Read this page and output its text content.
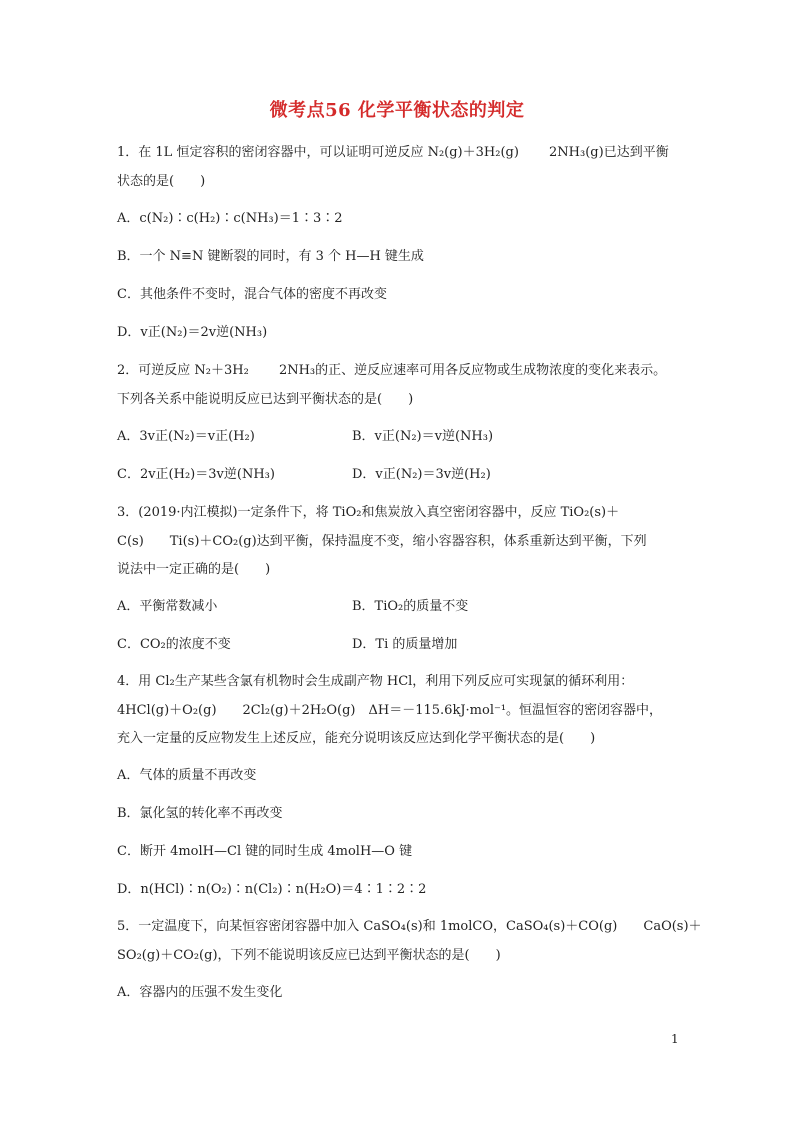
微考点56 化学平衡状态的判定
1．在 1L 恒定容积的密闭容器中，可以证明可逆反应 N₂(g)＋3H₂(g)　　 2NH₃(g)已达到平衡
状态的是(　　)
A．c(N₂)∶c(H₂)∶c(NH₃)＝1∶3∶2
B．一个 N≡N 键断裂的同时，有 3 个 H—H 键生成
C．其他条件不变时，混合气体的密度不再改变
D．v正(N₂)＝2v逆(NH₃)
2．可逆反应 N₂＋3H₂　　 2NH₃的正、逆反应速率可用各反应物或生成物浓度的变化来表示。
下列各关系中能说明反应已达到平衡状态的是(　　)
A．3v正(N₂)＝v正(H₂)
C．2v正(H₂)＝3v逆(NH₃)
3．(2019·内江模拟)一定条件下，将 TiO₂和焦炭放入真空密闭容器中，反应 TiO₂(s)＋
C(s)　　Ti(s)＋CO₂(g)达到平衡，保持温度不变，缩小容器容积，体系重新达到平衡，下列
说法中一定正确的是(　　)
A．平衡常数减小
C．CO₂的浓度不变
4．用 Cl₂生产某些含氯有机物时会生成副产物 HCl，利用下列反应可实现氯的循环利用：
4HCl(g)＋O₂(g)　　2Cl₂(g)＋2H₂O(g)　ΔH＝－115.6kJ·mol⁻¹。恒温恒容的密闭容器中，
充入一定量的反应物发生上述反应，能充分说明该反应达到化学平衡状态的是(　　)
A．气体的质量不再改变
B．氯化氢的转化率不再改变
C．断开 4molH—Cl 键的同时生成 4molH—O 键
D．n(HCl)∶n(O₂)∶n(Cl₂)∶n(H₂O)＝4∶1∶2∶2
5．一定温度下，向某恒容密闭容器中加入 CaSO₄(s)和 1molCO，CaSO₄(s)＋CO(g)　　CaO(s)＋
SO₂(g)＋CO₂(g)，下列不能说明该反应已达到平衡状态的是(　　)
A．容器内的压强不发生变化
B．v正(N₂)＝v逆(NH₃)
D．v正(N₂)＝3v逆(H₂)
B．TiO₂的质量不变
D．Ti 的质量增加
1
